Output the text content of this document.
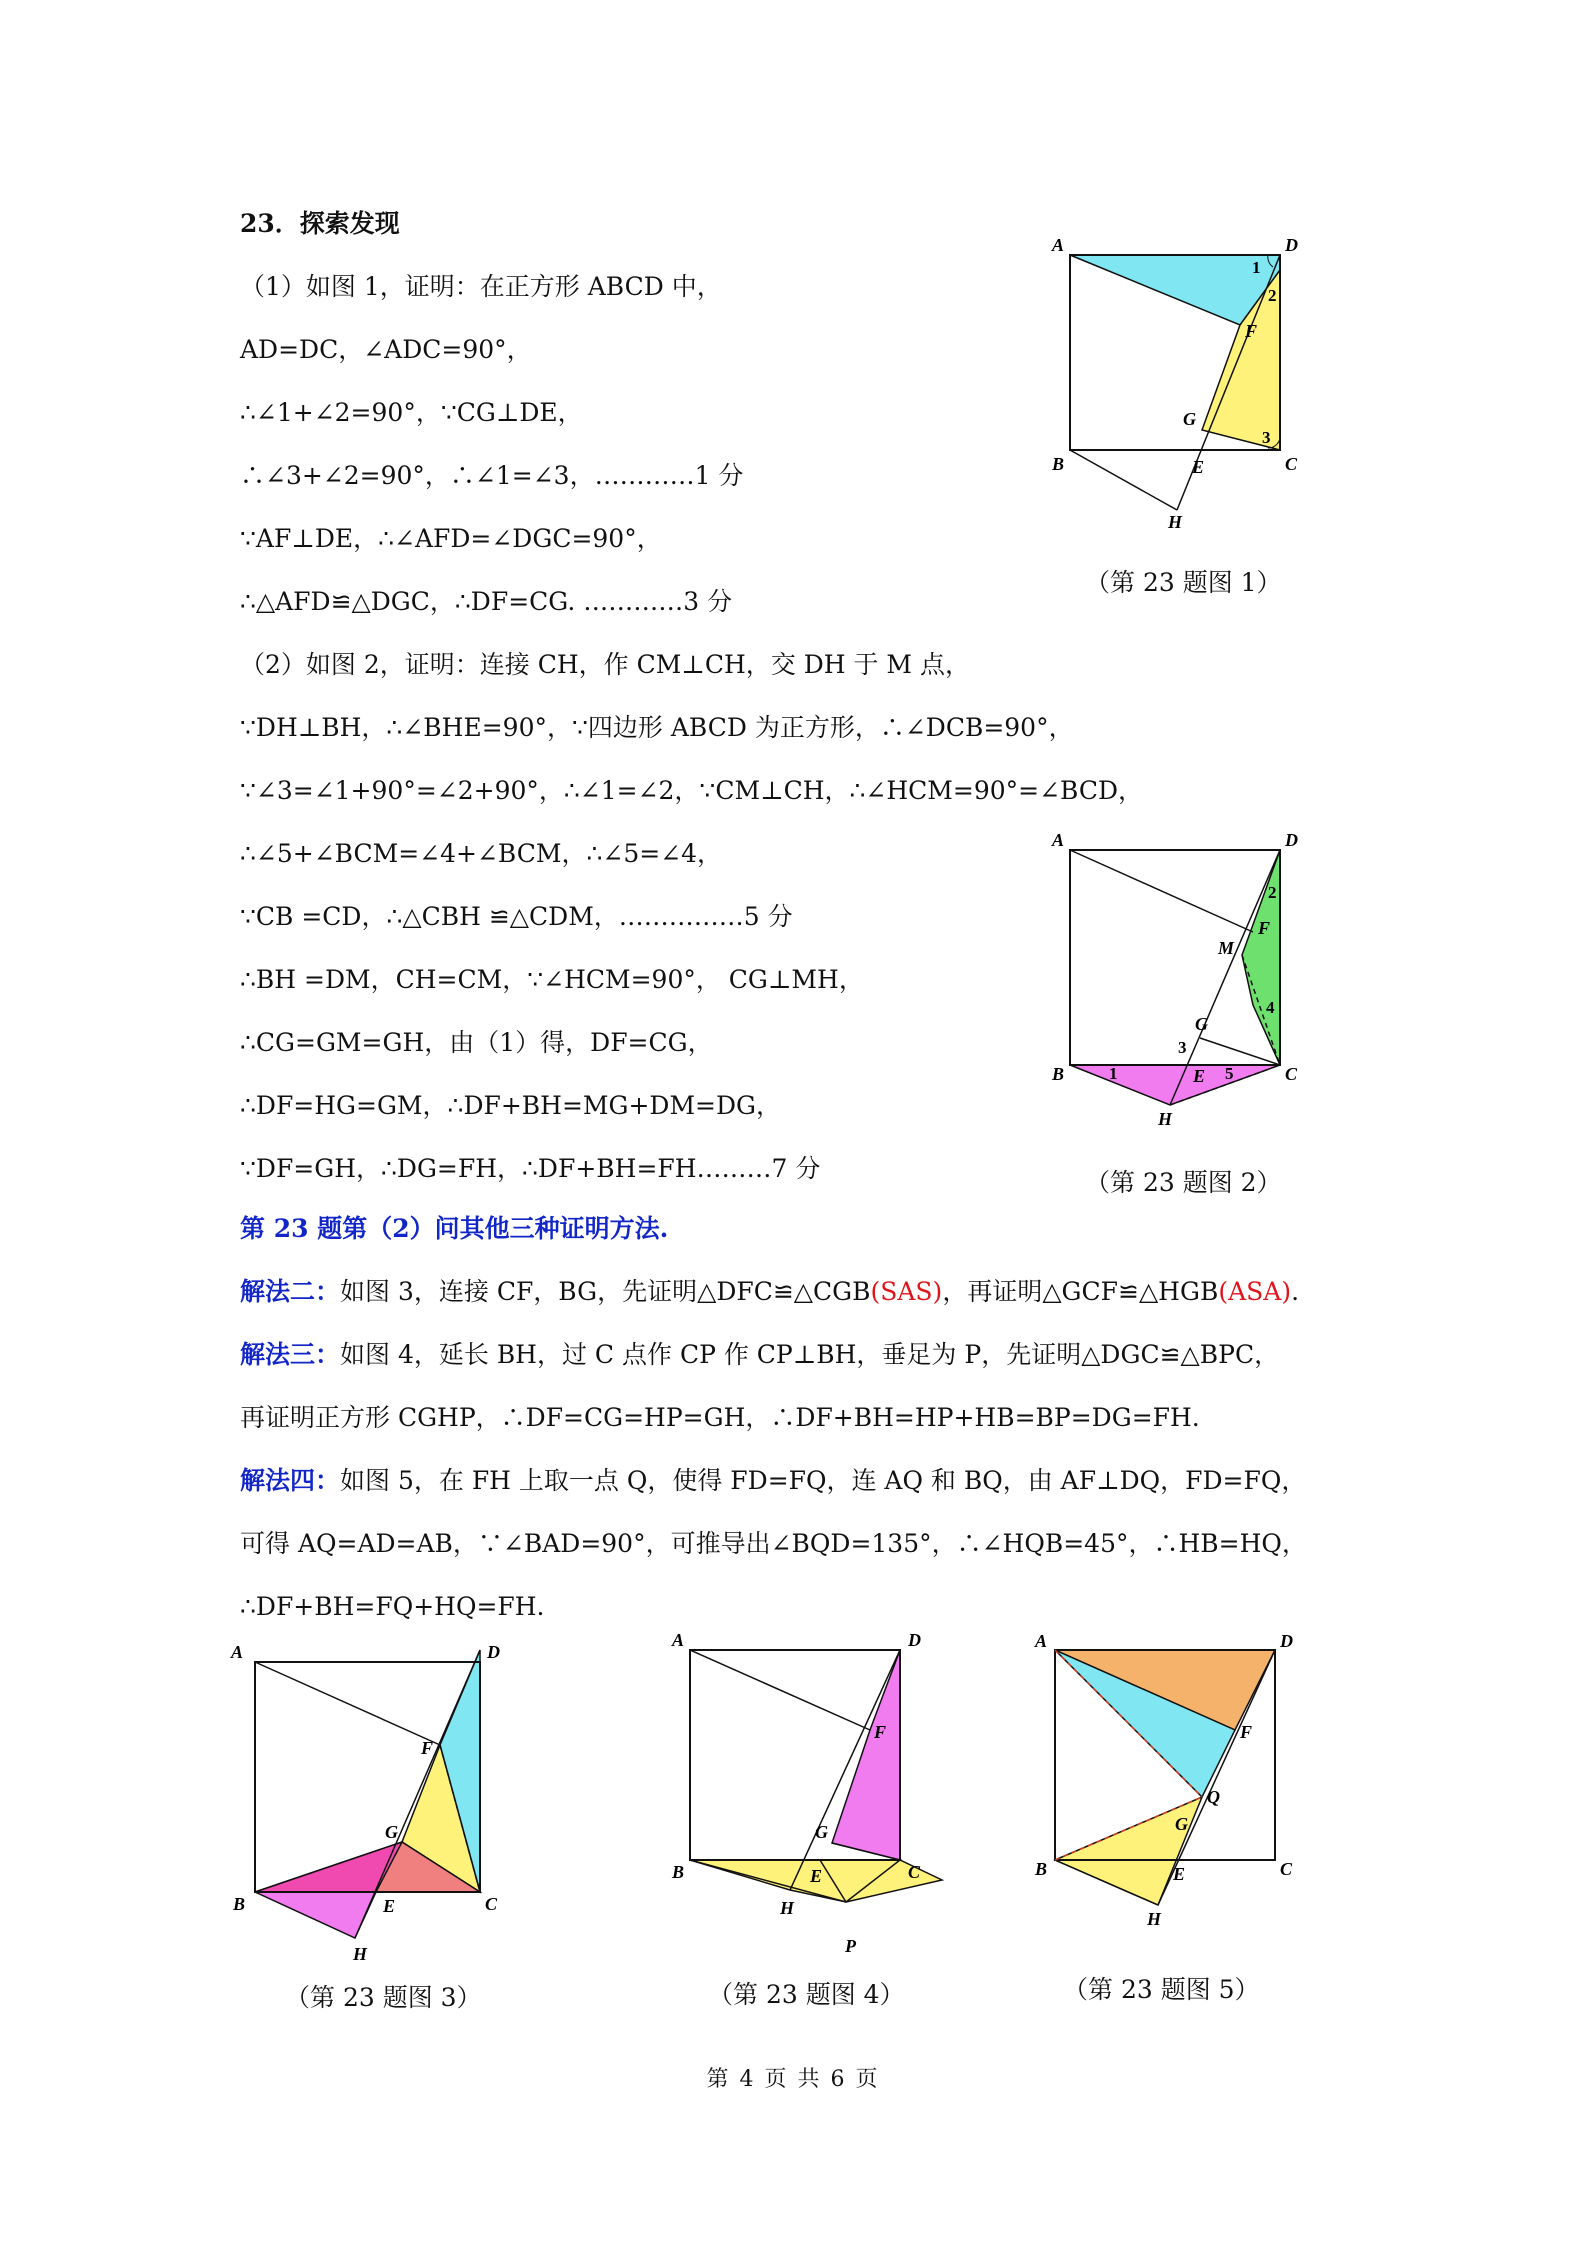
23．探索发现
（1）如图 1，证明：在正方形 ABCD 中，
AD=DC，∠ADC=90°，
∴∠1+∠2=90°，∵CG⊥DE，
∴∠3+∠2=90°，∴∠1=∠3，…………1 分
∵AF⊥DE，∴∠AFD=∠DGC=90°，
∴△AFD≌△DGC，∴DF=CG. …………3 分
（2）如图 2，证明：连接 CH，作 CM⊥CH，交 DH 于 M 点，
∵DH⊥BH，∴∠BHE=90°，∵四边形 ABCD 为正方形，∴∠DCB=90°，
∵∠3=∠1+90°=∠2+90°，∴∠1=∠2，∵CM⊥CH，∴∠HCM=90°=∠BCD，
∴∠5+∠BCM=∠4+∠BCM，∴∠5=∠4，
∵CB =CD，∴△CBH ≌△CDM，……………5 分
∴BH =DM，CH=CM，∵∠HCM=90°， CG⊥MH，
∴CG=GM=GH，由（1）得，DF=CG，
∴DF=HG=GM，∴DF+BH=MG+DM=DG，
∵DF=GH，∴DG=FH，∴DF+BH=FH………7 分
第 23 题第（2）问其他三种证明方法.
解法二：如图 3，连接 CF，BG，先证明△DFC≌△CGB(SAS)，再证明△GCF≌△HGB(ASA).
解法三：如图 4，延长 BH，过 C 点作 CP 作 CP⊥BH，垂足为 P，先证明△DGC≌△BPC，
再证明正方形 CGHP，∴DF=CG=HP=GH，∴DF+BH=HP+HB=BP=DG=FH.
解法四：如图 5，在 FH 上取一点 Q，使得 FD=FQ，连 AQ 和 BQ，由 AF⊥DQ，FD=FQ，
可得 AQ=AD=AB，∵∠BAD=90°，可推导出∠BQD=135°，∴∠HQB=45°，∴HB=HQ，
∴DF+BH=FQ+HQ=FH.
A	D
B	C
F
G
E
H
1
2
3
（第 23 题图 1）
A	D
B	C
F
M
G
E
H
1
2
3
4
5
（第 23 题图 2）
A	D
B	C
F
G
E
H
（第 23 题图 3）
A	D
B	C
F
G
E
H
P
（第 23 题图 4）
A	D
B	C
F
Q
G
E
H
（第 23 题图 5）
第 4 页 共 6 页
